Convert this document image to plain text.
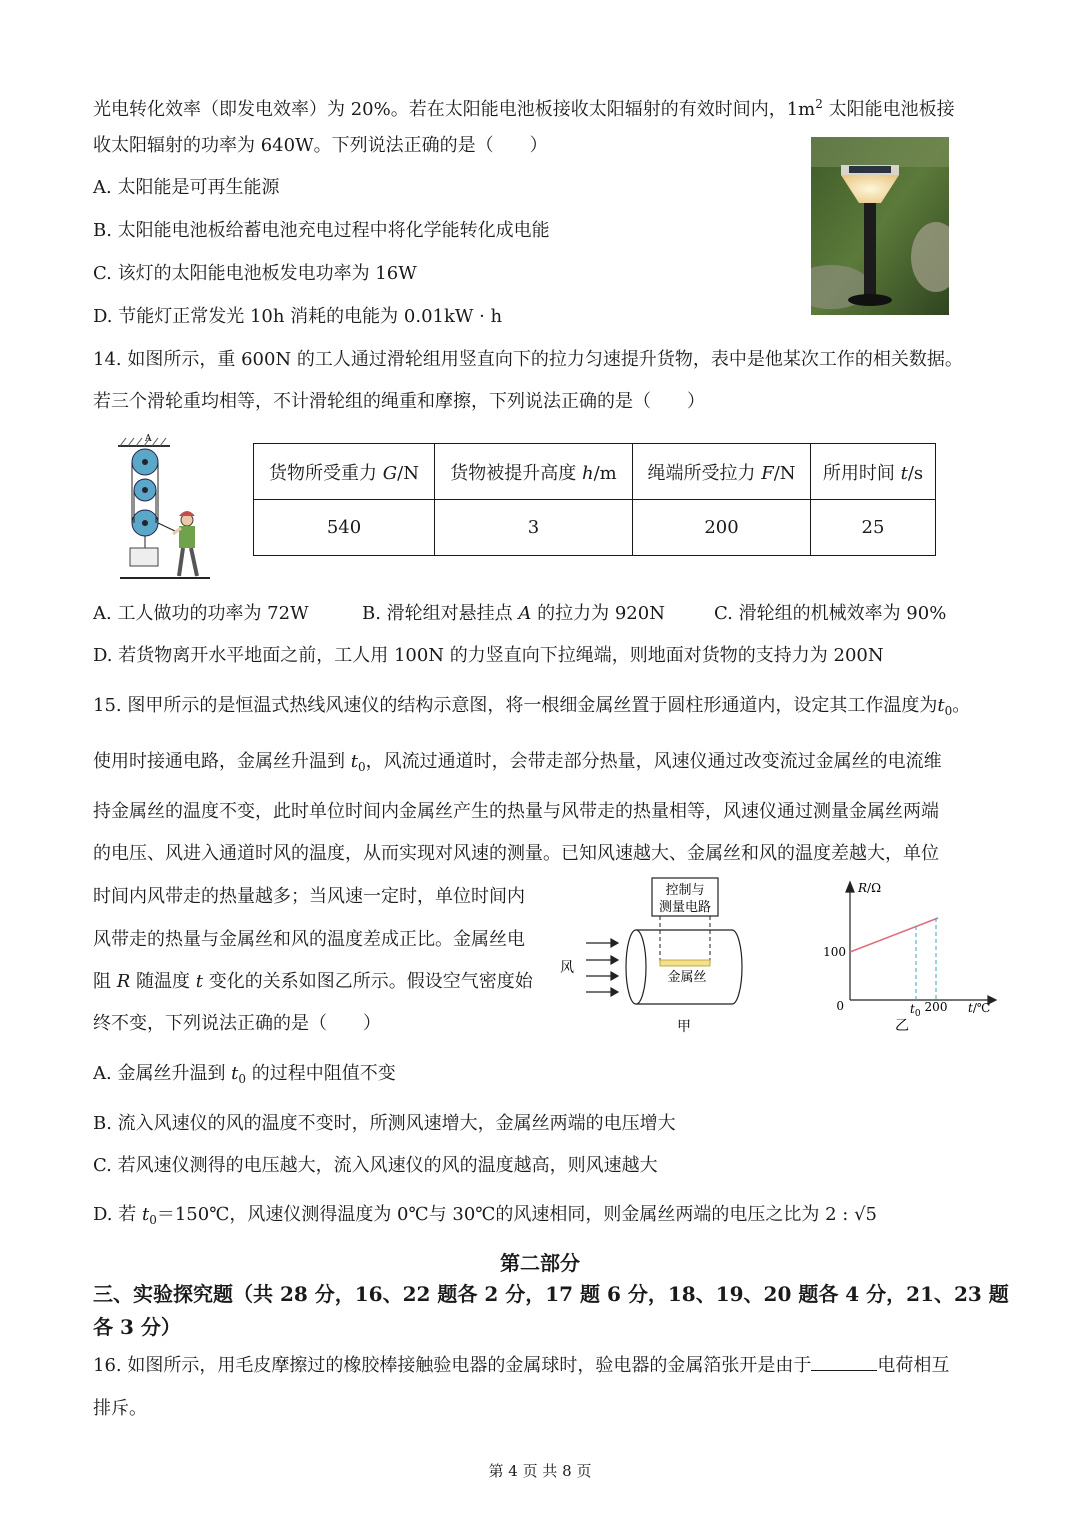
光电转化效率（即发电效率）为 20%。若在太阳能电池板接收太阳辐射的有效时间内，$1m^2$ 太阳能电池板接
收太阳辐射的功率为 640W。下列说法正确的是（　　）
A. 太阳能是可再生能源
B. 太阳能电池板给蓄电池充电过程中将化学能转化成电能
C. 该灯的太阳能电池板发电功率为 16W
D. 节能灯正常发光 10h 消耗的电能为 0.01kW · h
14. 如图所示，重 600N 的工人通过滑轮组用竖直向下的拉力匀速提升货物，表中是他某次工作的相关数据。
若三个滑轮重均相等，不计滑轮组的绳重和摩擦，下列说法正确的是（　　）
A
货物所受重力 G/N	货物被提升高度 h/m	绳端所受拉力 F/N	所用时间 t/s
540	3	200	25
A. 工人做功的功率为 72W	B. 滑轮组对悬挂点 A 的拉力为 920N	C. 滑轮组的机械效率为 90%
D. 若货物离开水平地面之前，工人用 100N 的力竖直向下拉绳端，则地面对货物的支持力为 200N
15. 图甲所示的是恒温式热线风速仪的结构示意图，将一根细金属丝置于圆柱形通道内，设定其工作温度为$t_0$。
使用时接通电路，金属丝升温到 $t_0$，风流过通道时，会带走部分热量，风速仪通过改变流过金属丝的电流维
持金属丝的温度不变，此时单位时间内金属丝产生的热量与风带走的热量相等，风速仪通过测量金属丝两端
的电压、风进入通道时风的温度，从而实现对风速的测量。已知风速越大、金属丝和风的温度差越大，单位
时间内风带走的热量越多；当风速一定时，单位时间内
风带走的热量与金属丝和风的温度差成正比。金属丝电
阻 R 随温度 t 变化的关系如图乙所示。假设空气密度始
终不变，下列说法正确的是（　　）
控制与
测量电路
金属丝
风
甲
R/Ω
t/℃
0
100
$t_0$ 200
乙
A. 金属丝升温到 $t_0$ 的过程中阻值不变
B. 流入风速仪的风的温度不变时，所测风速增大，金属丝两端的电压增大
C. 若风速仪测得的电压越大，流入风速仪的风的温度越高，则风速越大
D. 若 $t_0=150℃$，风速仪测得温度为 0℃与 30℃的风速相同，则金属丝两端的电压之比为 2 : √5
第二部分
三、实验探究题（共 28 分，16、22 题各 2 分，17 题 6 分，18、19、20 题各 4 分，21、23 题
各 3 分）
16. 如图所示，用毛皮摩擦过的橡胶棒接触验电器的金属球时，验电器的金属箔张开是由于	电荷相互
排斥。
第 4 页 共 8 页
